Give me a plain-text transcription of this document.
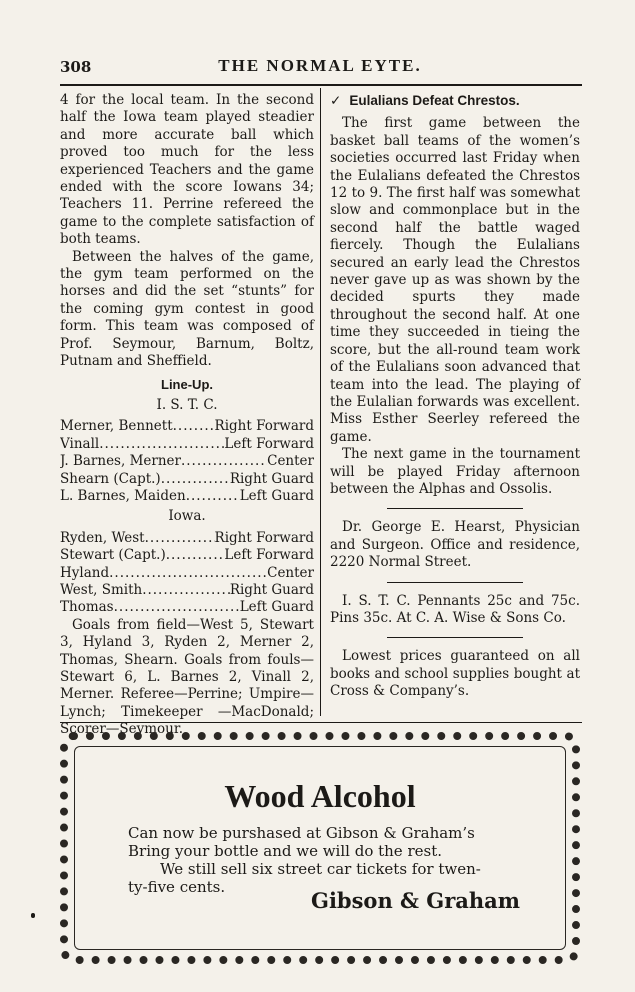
308	THE NORMAL EYTE.

4 for the local team. In the second half the Iowa team played steadier and more accurate ball which proved too much for the less experienced Teachers and the game ended with the score Iowans 34; Teachers 11. Perrine refereed the game to the complete satisfaction of both teams.

Between the halves of the game, the gym team performed on the horses and did the set “stunts” for the coming gym contest in good form. This team was composed of Prof. Seymour, Barnum, Boltz, Putnam and Sheffield.

Line-Up.
I. S. T. C.
Merner, Bennett .....	Right Forward
Vinall .....	Left Forward
J. Barnes, Merner .....	Center
Shearn (Capt.) .....	Right Guard
L. Barnes, Maiden .....	Left Guard
Iowa.
Ryden, West .....	Right Forward
Stewart (Capt.) .....	Left Forward
Hyland .....	Center
West, Smith .....	Right Guard
Thomas .....	Left Guard

Goals from field—West 5, Stewart 3, Hyland 3, Ryden 2, Merner 2, Thomas, Shearn. Goals from fouls—Stewart 6, L. Barnes 2, Vinall 2, Merner. Referee—Perrine; Umpire—Lynch; Timekeeper —MacDonald; Scorer—Seymour.

✓ Eulalians Defeat Chrestos.

The first game between the basket ball teams of the women’s societies occurred last Friday when the Eulalians defeated the Chrestos 12 to 9. The first half was somewhat slow and commonplace but in the second half the battle waged fiercely. Though the Eulalians secured an early lead the Chrestos never gave up as was shown by the decided spurts they made throughout the second half. At one time they succeeded in tieing the score, but the all-round team work of the Eulalians soon advanced that team into the lead. The playing of the Eulalian forwards was excellent. Miss Esther Seerley refereed the game.

The next game in the tournament will be played Friday afternoon between the Alphas and Ossolis.

Dr. George E. Hearst, Physician and Surgeon. Office and residence, 2220 Normal Street.

I. S. T. C. Pennants 25c and 75c. Pins 35c. At C. A. Wise & Sons Co.

Lowest prices guaranteed on all books and school supplies bought at Cross & Company’s.

Wood Alcohol
Can now be purshased at Gibson & Graham’s
Bring your bottle and we will do the rest.
We still sell six street car tickets for twen-
ty-five cents.
Gibson & Graham
